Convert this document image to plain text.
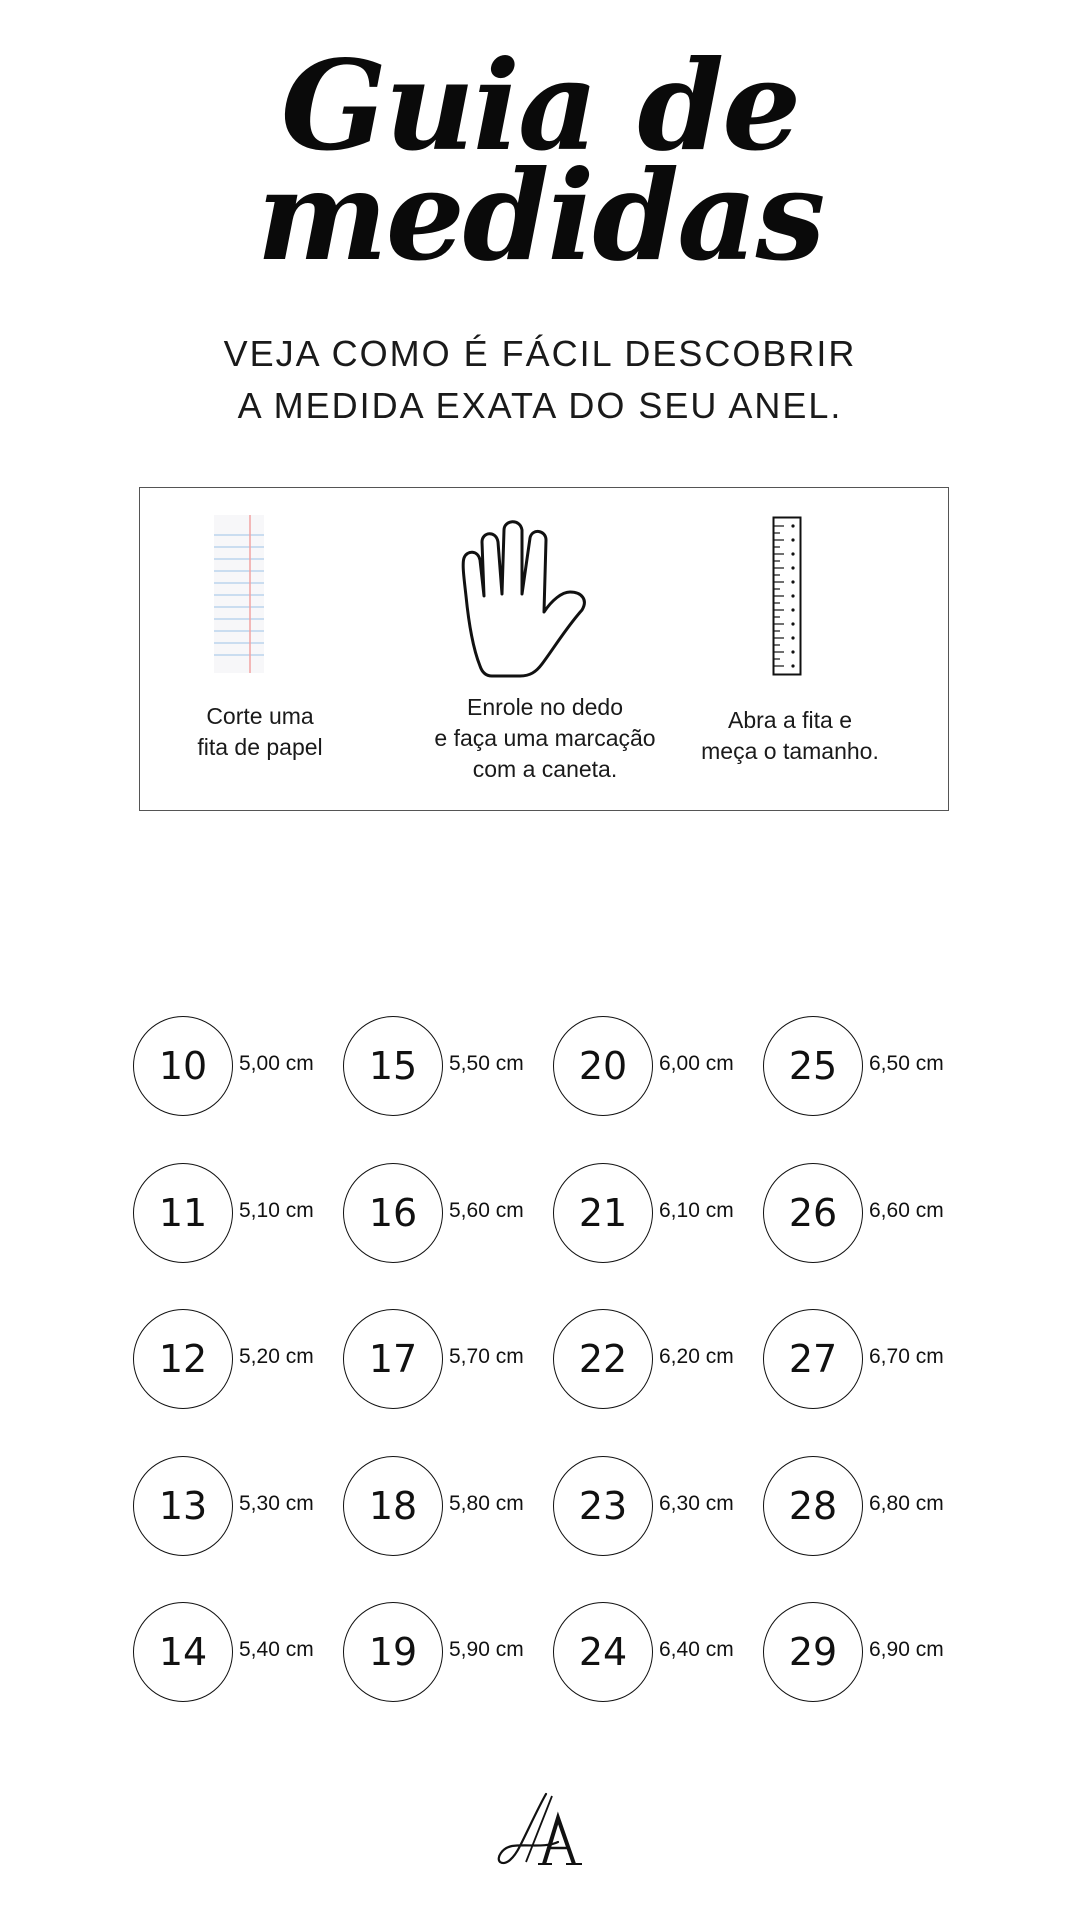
Guia de
medidas
VEJA COMO É FÁCIL DESCOBRIR
A MEDIDA EXATA DO SEU ANEL.
Corte uma
fita de papel
Enrole no dedo
e faça uma marcação
com a caneta.
Abra a fita e
meça o tamanho.
10	5,00 cm
11	5,10 cm
12	5,20 cm
13	5,30 cm
14	5,40 cm
15	5,50 cm
16	5,60 cm
17	5,70 cm
18	5,80 cm
19	5,90 cm
20	6,00 cm
21	6,10 cm
22	6,20 cm
23	6,30 cm
24	6,40 cm
25	6,50 cm
26	6,60 cm
27	6,70 cm
28	6,80 cm
29	6,90 cm
